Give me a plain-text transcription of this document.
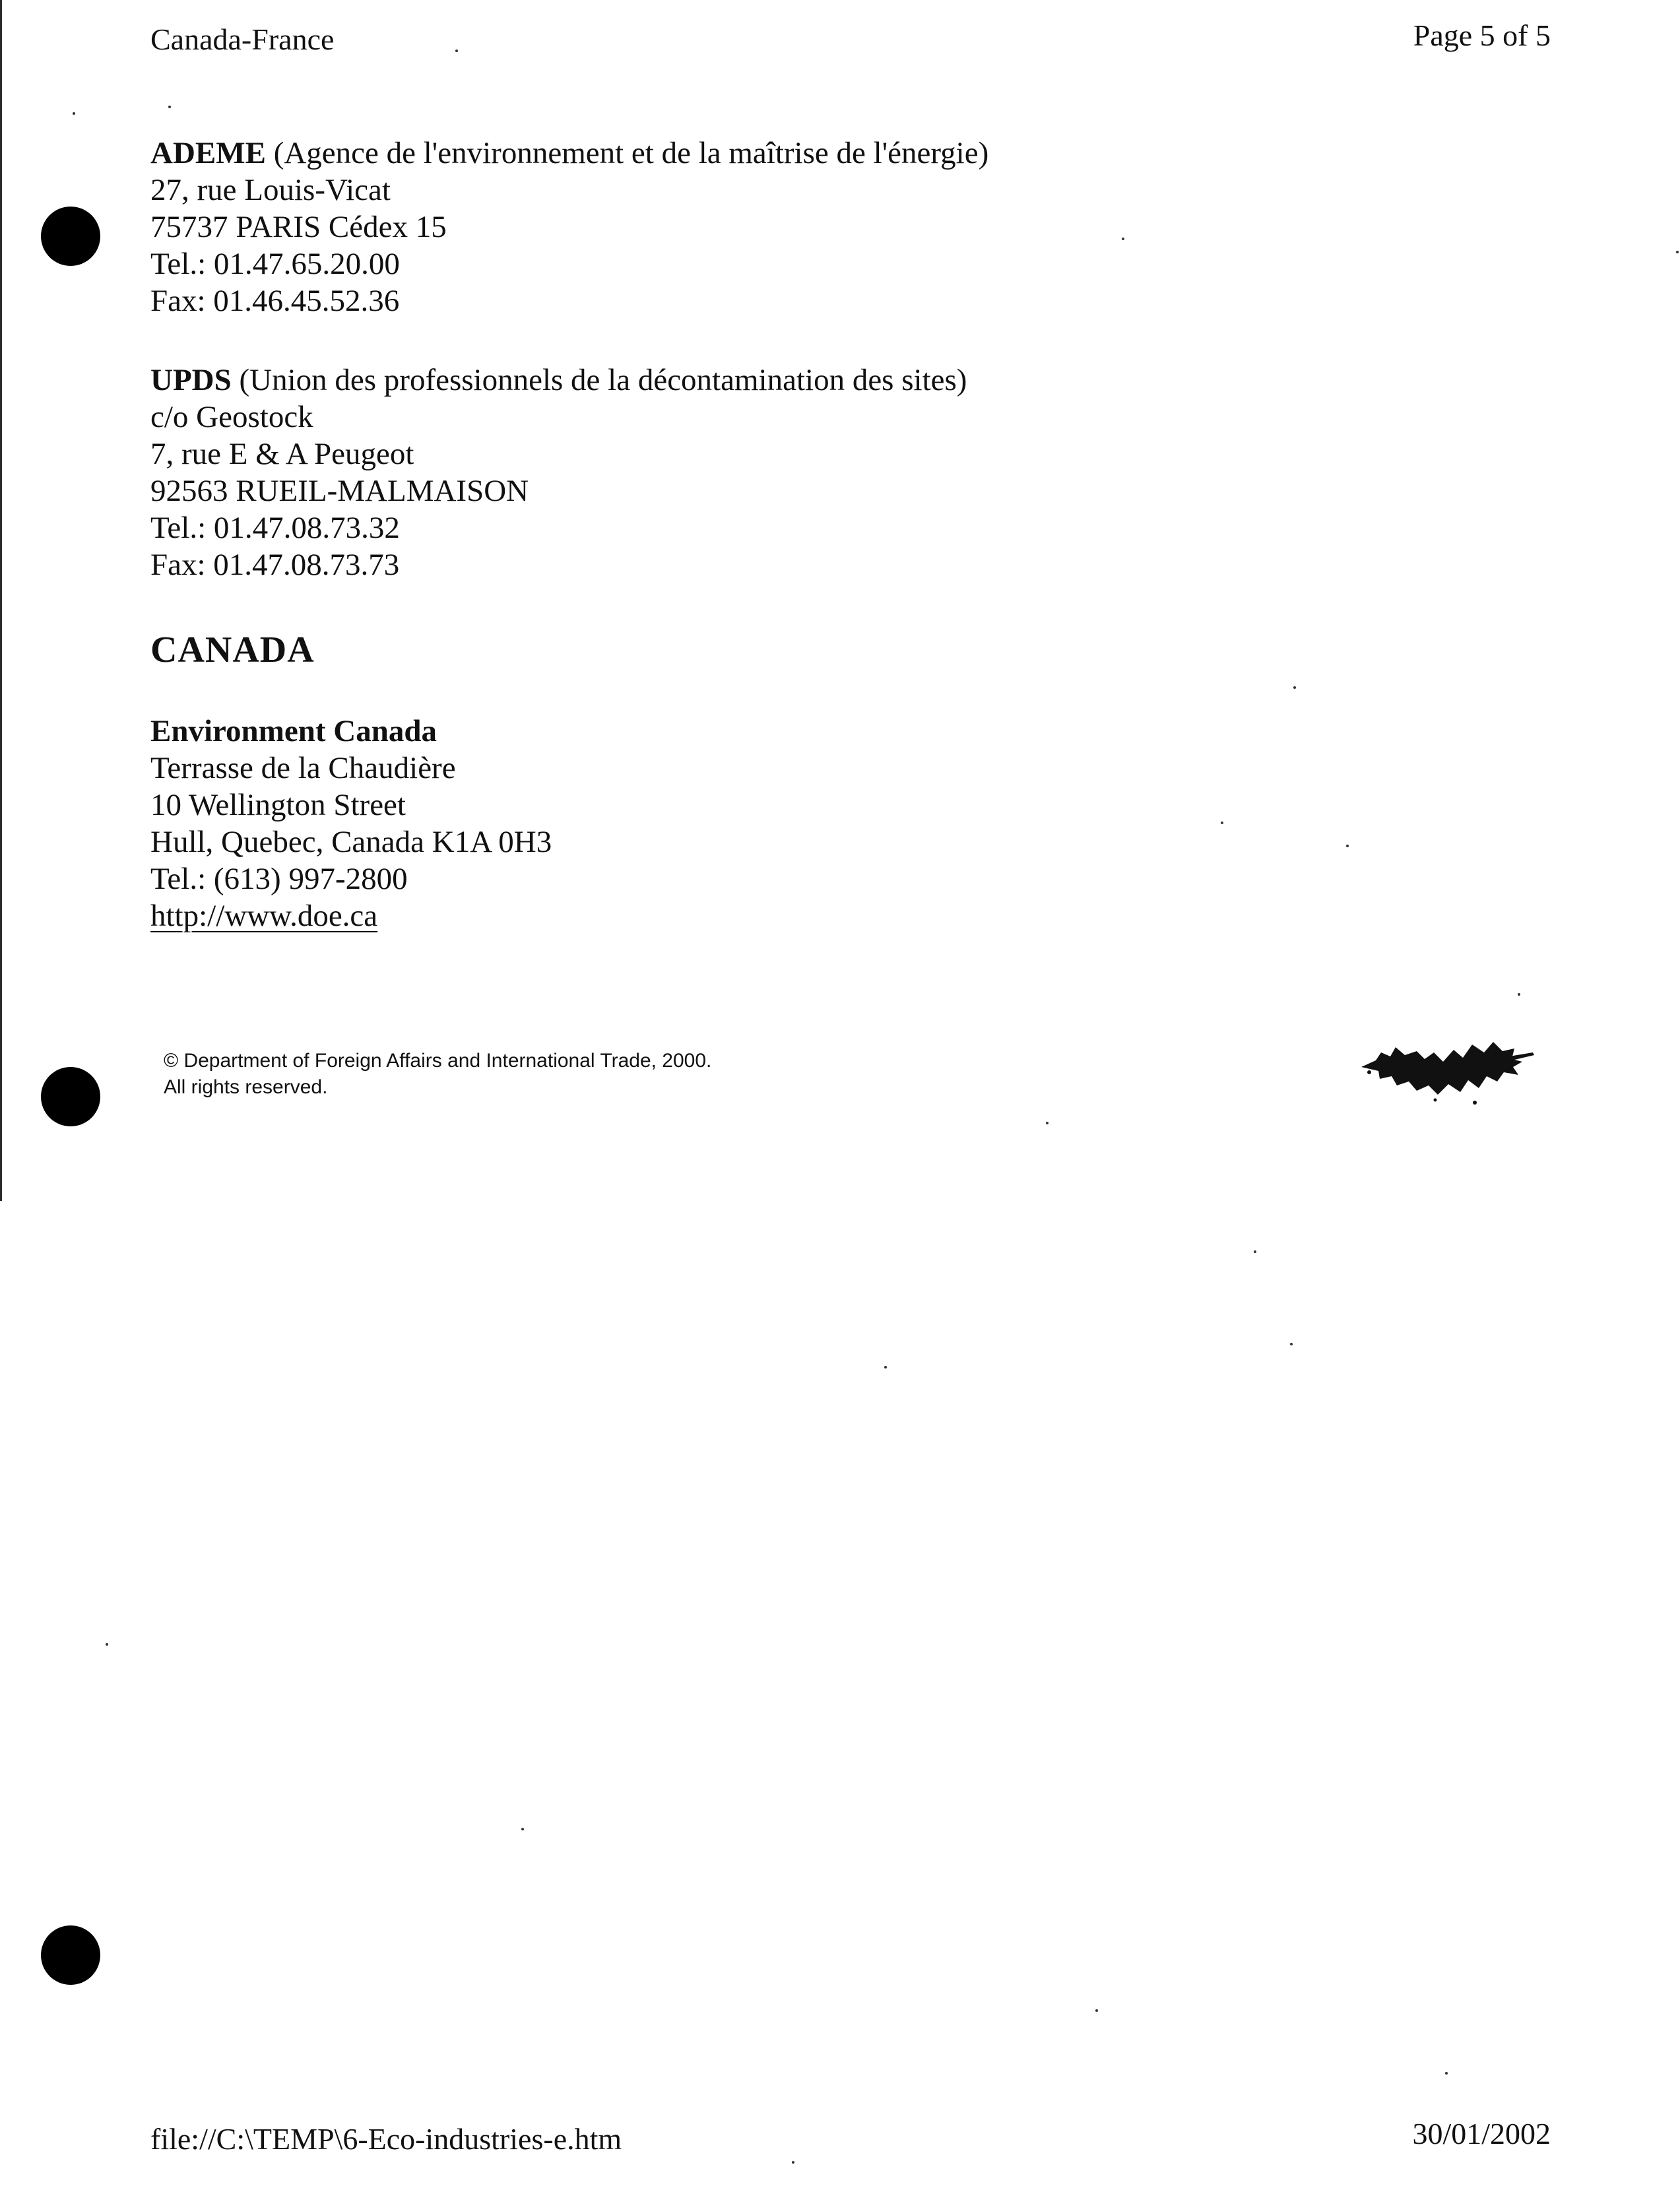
Canada-France	Page 5 of 5
ADEME (Agence de l'environnement et de la maîtrise de l'énergie)
27, rue Louis-Vicat
75737 PARIS Cédex 15
Tel.: 01.47.65.20.00
Fax: 01.46.45.52.36
UPDS (Union des professionnels de la décontamination des sites)
c/o Geostock
7, rue E & A Peugeot
92563 RUEIL-MALMAISON
Tel.: 01.47.08.73.32
Fax: 01.47.08.73.73
CANADA
Environment Canada
Terrasse de la Chaudière
10 Wellington Street
Hull, Quebec, Canada K1A 0H3
Tel.: (613) 997-2800
http://www.doe.ca
© Department of Foreign Affairs and International Trade, 2000.
All rights reserved.
file://C:\TEMP\6-Eco-industries-e.htm	30/01/2002
